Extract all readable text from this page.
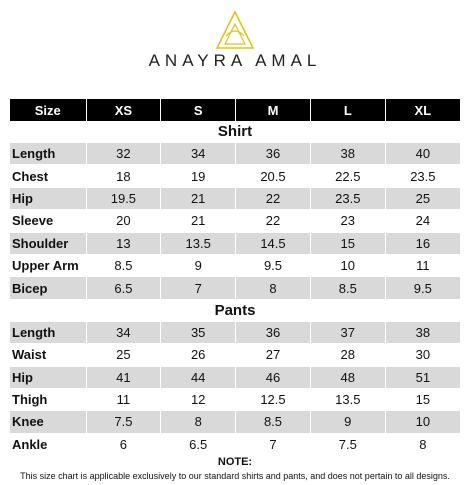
ANAYRA AMAL
Size	XS	S	M	L	XL
Shirt					
Length	32	34	36	38	40
Chest	18	19	20.5	22.5	23.5
Hip	19.5	21	22	23.5	25
Sleeve	20	21	22	23	24
Shoulder	13	13.5	14.5	15	16
Upper Arm	8.5	9	9.5	10	11
Bicep	6.5	7	8	8.5	9.5
Pants					
Length	34	35	36	37	38
Waist	25	26	27	28	30
Hip	41	44	46	48	51
Thigh	11	12	12.5	13.5	15
Knee	7.5	8	8.5	9	10
Ankle	6	6.5	7	7.5	8
NOTE:
This size chart is applicable exclusively to our standard shirts and pants, and does not pertain to all designs.
